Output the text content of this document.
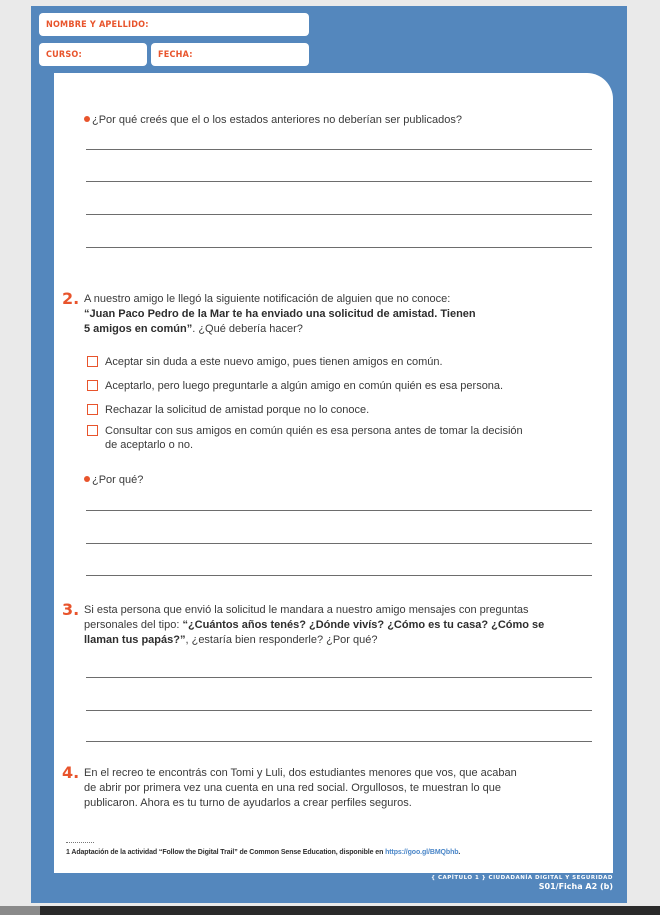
NOMBRE Y APELLIDO:
CURSO:	FECHA:
¿Por qué creés que el o los estados anteriores no deberían ser publicados?
2. A nuestro amigo le llegó la siguiente notificación de alguien que no conoce:
“Juan Paco Pedro de la Mar te ha enviado una solicitud de amistad. Tienen 5 amigos en común”. ¿Qué debería hacer?
Aceptar sin duda a este nuevo amigo, pues tienen amigos en común.
Aceptarlo, pero luego preguntarle a algún amigo en común quién es esa persona.
Rechazar la solicitud de amistad porque no lo conoce.
Consultar con sus amigos en común quién es esa persona antes de tomar la decisión de aceptarlo o no.
¿Por qué?
3. Si esta persona que envió la solicitud le mandara a nuestro amigo mensajes con preguntas personales del tipo: “¿Cuántos años tenés? ¿Dónde vivís? ¿Cómo es tu casa? ¿Cómo se llaman tus papás?”, ¿estaría bien responderle? ¿Por qué?
4. En el recreo te encontrás con Tomi y Luli, dos estudiantes menores que vos, que acaban de abrir por primera vez una cuenta en una red social. Orgullosos, te muestran lo que publicaron. Ahora es tu turno de ayudarlos a crear perfiles seguros.
1 Adaptación de la actividad “Follow the Digital Trail” de Common Sense Education, disponible en https://goo.gl/BMQbhb.
{ CAPÍTULO 1 } CIUDADANÍA DIGITAL Y SEGURIDAD
S01/Ficha A2 (b)
